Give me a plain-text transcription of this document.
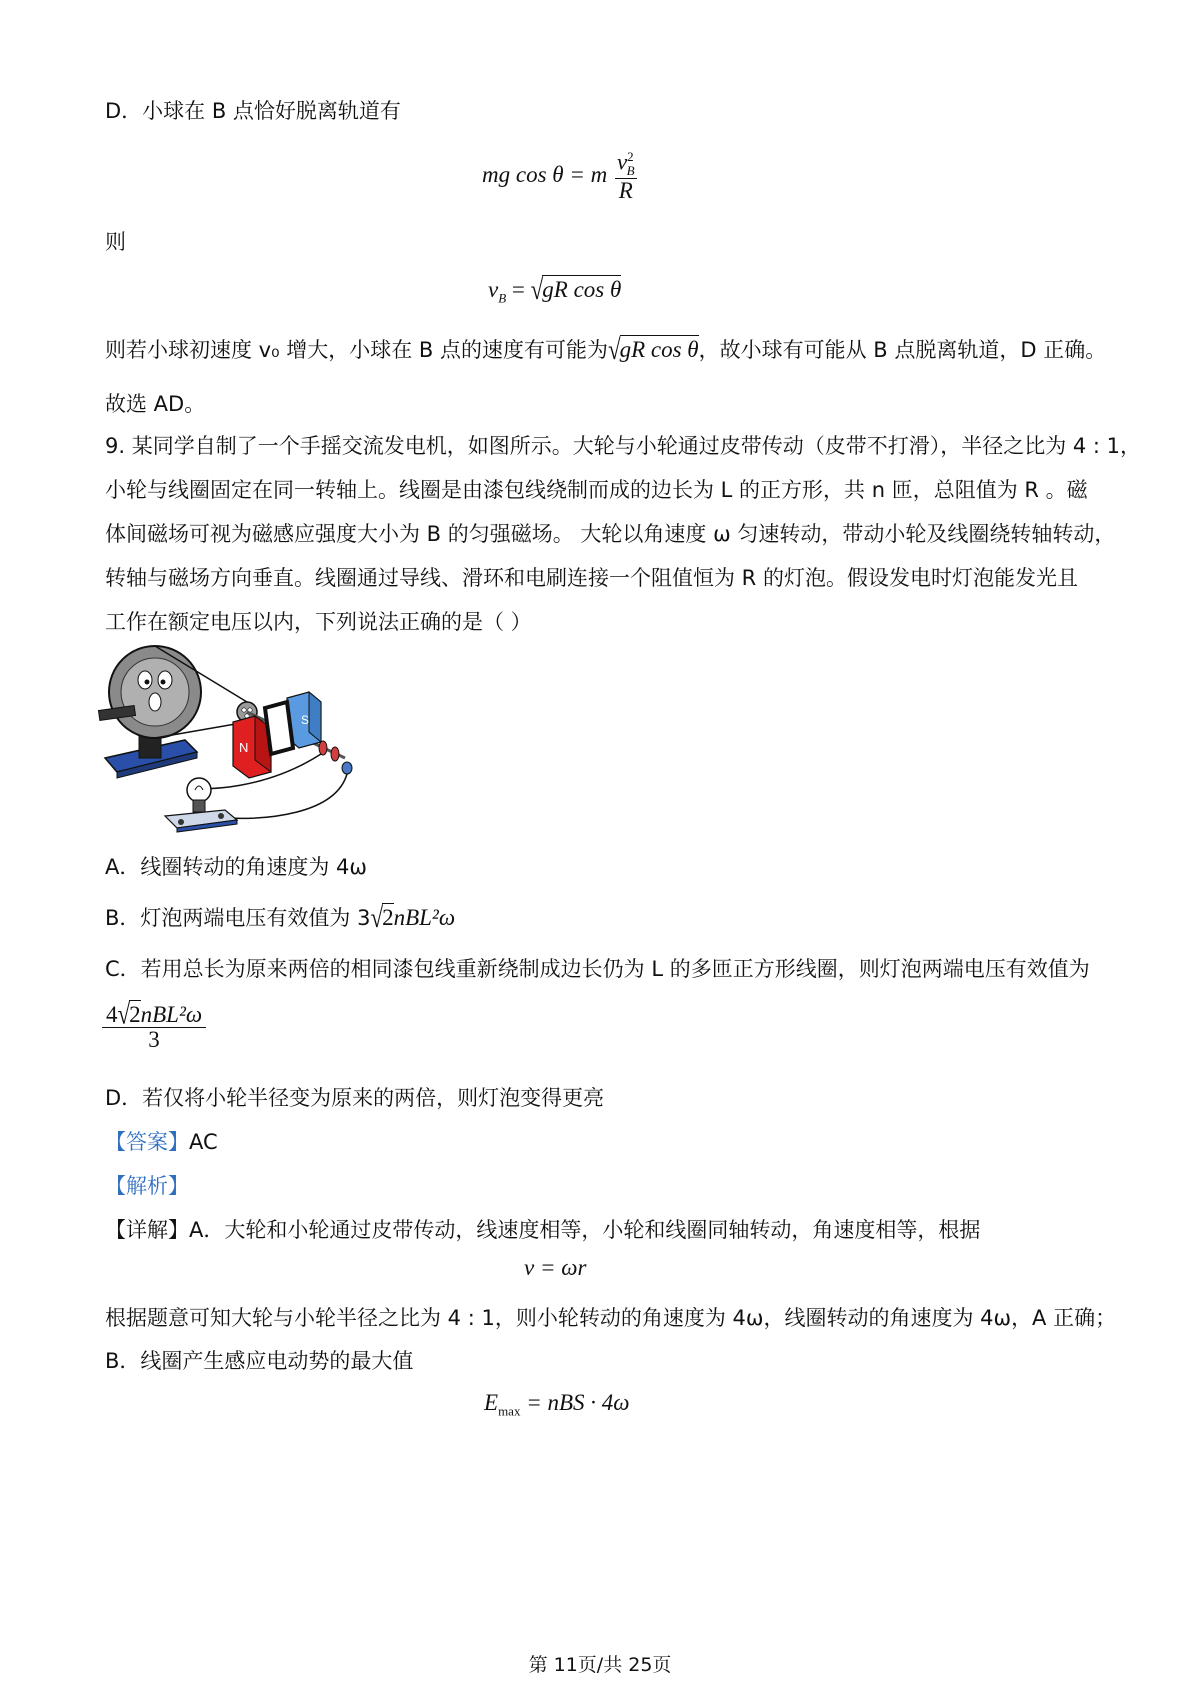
D．小球在 B 点恰好脱离轨道有
mg cos θ = m $\frac{v^2_B}{R}$
则
$v_B = √gR$ cos θ
则若小球初速度 v₀ 增大，小球在 B 点的速度有可能为√gR cos θ，故小球有可能从 B 点脱离轨道，D 正确。
故选 AD。
9. 某同学自制了一个手摇交流发电机，如图所示。大轮与小轮通过皮带传动（皮带不打滑），半径之比为 4 : 1，
小轮与线圈固定在同一转轴上。线圈是由漆包线绕制而成的边长为 L 的正方形，共 n 匝，总阻值为 R 。磁
体间磁场可视为磁感应强度大小为 B 的匀强磁场。 大轮以角速度 ω 匀速转动，带动小轮及线圈绕转轴转动，
转轴与磁场方向垂直。线圈通过导线、滑环和电刷连接一个阻值恒为 R 的灯泡。假设发电时灯泡能发光且
工作在额定电压以内，下列说法正确的是（ ）
N
S
A．线圈转动的角速度为 4ω
B．灯泡两端电压有效值为 3√2nBL²ω
C．若用总长为原来两倍的相同漆包线重新绕制成边长仍为 L 的多匝正方形线圈，则灯泡两端电压有效值为
$\frac{\text{4√2nBL²ω}}{3}$
D．若仅将小轮半径变为原来的两倍，则灯泡变得更亮
【答案】AC
【解析】
【详解】A．大轮和小轮通过皮带传动，线速度相等，小轮和线圈同轴转动，角速度相等，根据
v = ωr
根据题意可知大轮与小轮半径之比为 4 : 1，则小轮转动的角速度为 4ω，线圈转动的角速度为 4ω，A 正确；
B．线圈产生感应电动势的最大值
$E_{max}$ = nBS · 4ω
第 11页/共 25页
